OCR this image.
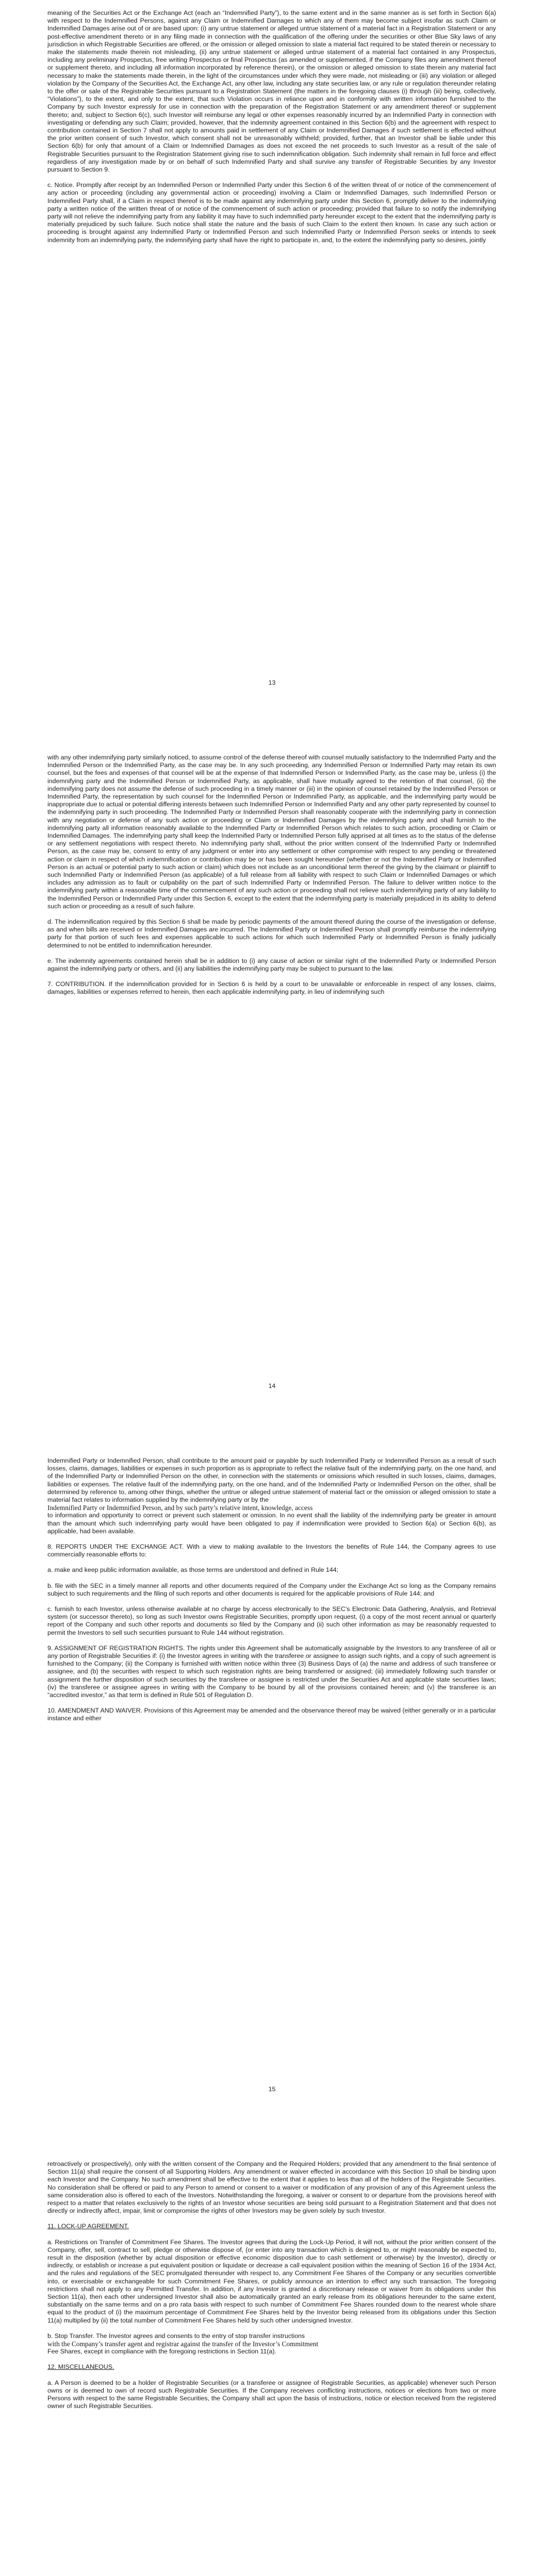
meaning of the Securities Act or the Exchange Act (each an “Indemnified Party”), to the same extent and in the same manner as is set forth in Section 6(a) with respect to the Indemnified Persons, against any Claim or Indemnified Damages to which any of them may become subject insofar as such Claim or Indemnified Damages arise out of or are based upon: (i) any untrue statement or alleged untrue statement of a material fact in a Registration Statement or any post-effective amendment thereto or in any filing made in connection with the qualification of the offering under the securities or other Blue Sky laws of any jurisdiction in which Registrable Securities are offered, or the omission or alleged omission to state a material fact required to be stated therein or necessary to make the statements made therein not misleading, (ii) any untrue statement or alleged untrue statement of a material fact contained in any Prospectus, including any preliminary Prospectus, free writing Prospectus or final Prospectus (as amended or supplemented, if the Company files any amendment thereof or supplement thereto, and including all information incorporated by reference therein), or the omission or alleged omission to state therein any material fact necessary to make the statements made therein, in the light of the circumstances under which they were made, not misleading or (iii) any violation or alleged violation by the Company of the Securities Act, the Exchange Act, any other law, including any state securities law, or any rule or regulation thereunder relating to the offer or sale of the Registrable Securities pursuant to a Registration Statement (the matters in the foregoing clauses (i) through (iii) being, collectively, “Violations”), to the extent, and only to the extent, that such Violation occurs in reliance upon and in conformity with written information furnished to the Company by such Investor expressly for use in connection with the preparation of the Registration Statement or any amendment thereof or supplement thereto; and, subject to Section 6(c), such Investor will reimburse any legal or other expenses reasonably incurred by an Indemnified Party in connection with investigating or defending any such Claim; provided, however, that the indemnity agreement contained in this Section 6(b) and the agreement with respect to contribution contained in Section 7 shall not apply to amounts paid in settlement of any Claim or Indemnified Damages if such settlement is effected without the prior written consent of such Investor, which consent shall not be unreasonably withheld; provided, further, that an Investor shall be liable under this Section 6(b) for only that amount of a Claim or Indemnified Damages as does not exceed the net proceeds to such Investor as a result of the sale of Registrable Securities pursuant to the Registration Statement giving rise to such indemnification obligation. Such indemnity shall remain in full force and effect regardless of any investigation made by or on behalf of such Indemnified Party and shall survive any transfer of Registrable Securities by any Investor pursuant to Section 9.

c. Notice. Promptly after receipt by an Indemnified Person or Indemnified Party under this Section 6 of the written threat of or notice of the commencement of any action or proceeding (including any governmental action or proceeding) involving a Claim or Indemnified Damages, such Indemnified Person or Indemnified Party shall, if a Claim in respect thereof is to be made against any indemnifying party under this Section 6, promptly deliver to the indemnifying party a written notice of the written threat of or notice of the commencement of such action or proceeding; provided that failure to so notify the indemnifying party will not relieve the indemnifying party from any liability it may have to such indemnified party hereunder except to the extent that the indemnifying party is materially prejudiced by such failure. Such notice shall state the nature and the basis of such Claim to the extent then known. In case any such action or proceeding is brought against any Indemnified Party or Indemnified Person and such Indemnified Party or Indemnified Person seeks or intends to seek indemnity from an indemnifying party, the indemnifying party shall have the right to participate in, and, to the extent the indemnifying party so desires, jointly

13

with any other indemnifying party similarly noticed, to assume control of the defense thereof with counsel mutually satisfactory to the Indemnified Party and the Indemnified Person or the Indemnified Party, as the case may be. In any such proceeding, any Indemnified Person or Indemnified Party may retain its own counsel, but the fees and expenses of that counsel will be at the expense of that Indemnified Person or Indemnified Party, as the case may be, unless (i) the indemnifying party and the Indemnified Person or Indemnified Party, as applicable, shall have mutually agreed to the retention of that counsel, (ii) the indemnifying party does not assume the defense of such proceeding in a timely manner or (iii) in the opinion of counsel retained by the Indemnified Person or Indemnified Party, the representation by such counsel for the Indemnified Person or Indemnified Party, as applicable, and the indemnifying party would be inappropriate due to actual or potential differing interests between such Indemnified Person or Indemnified Party and any other party represented by counsel to the indemnifying party in such proceeding. The Indemnified Party or Indemnified Person shall reasonably cooperate with the indemnifying party in connection with any negotiation or defense of any such action or proceeding or Claim or Indemnified Damages by the indemnifying party and shall furnish to the indemnifying party all information reasonably available to the Indemnified Party or Indemnified Person which relates to such action, proceeding or Claim or Indemnified Damages. The indemnifying party shall keep the Indemnified Party or Indemnified Person fully apprised at all times as to the status of the defense or any settlement negotiations with respect thereto. No indemnifying party shall, without the prior written consent of the Indemnified Party or Indemnified Person, as the case may be, consent to entry of any judgment or enter into any settlement or other compromise with respect to any pending or threatened action or claim in respect of which indemnification or contribution may be or has been sought hereunder (whether or not the Indemnified Party or Indemnified Person is an actual or potential party to such action or claim) which does not include as an unconditional term thereof the giving by the claimant or plaintiff to such Indemnified Party or Indemnified Person (as applicable) of a full release from all liability with respect to such Claim or Indemnified Damages or which includes any admission as to fault or culpability on the part of such Indemnified Party or Indemnified Person. The failure to deliver written notice to the indemnifying party within a reasonable time of the commencement of any such action or proceeding shall not relieve such indemnifying party of any liability to the Indemnified Person or Indemnified Party under this Section 6, except to the extent that the indemnifying party is materially prejudiced in its ability to defend such action or proceeding as a result of such failure.

d. The indemnification required by this Section 6 shall be made by periodic payments of the amount thereof during the course of the investigation or defense, as and when bills are received or Indemnified Damages are incurred. The Indemnified Party or Indemnified Person shall promptly reimburse the indemnifying party for that portion of such fees and expenses applicable to such actions for which such Indemnified Party or Indemnified Person is finally judicially determined to not be entitled to indemnification hereunder.

e. The indemnity agreements contained herein shall be in addition to (i) any cause of action or similar right of the Indemnified Party or Indemnified Person against the indemnifying party or others, and (ii) any liabilities the indemnifying party may be subject to pursuant to the law.

7. CONTRIBUTION. If the indemnification provided for in Section 6 is held by a court to be unavailable or enforceable in respect of any losses, claims, damages, liabilities or expenses referred to herein, then each applicable indemnifying party, in lieu of indemnifying such

14

Indemnified Party or Indemnified Person, shall contribute to the amount paid or payable by such Indemnified Party or Indemnified Person as a result of such losses, claims, damages, liabilities or expenses in such proportion as is appropriate to reflect the relative fault of the indemnifying party, on the one hand, and of the Indemnified Party or Indemnified Person on the other, in connection with the statements or omissions which resulted in such losses, claims, damages, liabilities or expenses. The relative fault of the indemnifying party, on the one hand, and of the Indemnified Party or Indemnified Person on the other, shall be determined by reference to, among other things, whether the untrue or alleged untrue statement of material fact or the omission or alleged omission to state a material fact relates to information supplied by the indemnifying party or by the

Indemnified Party or Indemnified Person, and by such party’s relative intent, knowledge, access

to information and opportunity to correct or prevent such statement or omission. In no event shall the liability of the indemnifying party be greater in amount than the amount which such indemnifying party would have been obligated to pay if indemnification were provided to Section 6(a) or Section 6(b), as applicable, had been available.

8. REPORTS UNDER THE EXCHANGE ACT. With a view to making available to the Investors the benefits of Rule 144, the Company agrees to use commercially reasonable efforts to:

a. make and keep public information available, as those terms are understood and defined in Rule 144;

b. file with the SEC in a timely manner all reports and other documents required of the Company under the Exchange Act so long as the Company remains subject to such requirements and the filing of such reports and other documents is required for the applicable provisions of Rule 144; and

c. furnish to each Investor, unless otherwise available at no charge by access electronically to the SEC’s Electronic Data Gathering, Analysis, and Retrieval system (or successor thereto), so long as such Investor owns Registrable Securities, promptly upon request, (i) a copy of the most recent annual or quarterly report of the Company and such other reports and documents so filed by the Company and (ii) such other information as may be reasonably requested to permit the Investors to sell such securities pursuant to Rule 144 without registration.

9. ASSIGNMENT OF REGISTRATION RIGHTS. The rights under this Agreement shall be automatically assignable by the Investors to any transferee of all or any portion of Registrable Securities if: (i) the Investor agrees in writing with the transferee or assignee to assign such rights, and a copy of such agreement is furnished to the Company; (ii) the Company is furnished with written notice within three (3) Business Days of (a) the name and address of such transferee or assignee, and (b) the securities with respect to which such registration rights are being transferred or assigned; (iii) immediately following such transfer or assignment the further disposition of such securities by the transferee or assignee is restricted under the Securities Act and applicable state securities laws; (iv) the transferee or assignee agrees in writing with the Company to be bound by all of the provisions contained herein; and (v) the transferee is an “accredited investor,” as that term is defined in Rule 501 of Regulation D.

10. AMENDMENT AND WAIVER. Provisions of this Agreement may be amended and the observance thereof may be waived (either generally or in a particular instance and either

15

retroactively or prospectively), only with the written consent of the Company and the Required Holders; provided that any amendment to the final sentence of Section 11(a) shall require the consent of all Supporting Holders. Any amendment or waiver effected in accordance with this Section 10 shall be binding upon each Investor and the Company. No such amendment shall be effective to the extent that it applies to less than all of the holders of the Registrable Securities. No consideration shall be offered or paid to any Person to amend or consent to a waiver or modification of any provision of any of this Agreement unless the same consideration also is offered to each of the Investors. Notwithstanding the foregoing, a waiver or consent to or departure from the provisions hereof with respect to a matter that relates exclusively to the rights of an Investor whose securities are being sold pursuant to a Registration Statement and that does not directly or indirectly affect, impair, limit or compromise the rights of other Investors may be given solely by such Investor.

11. LOCK-UP AGREEMENT.

a. Restrictions on Transfer of Commitment Fee Shares. The Investor agrees that during the Lock-Up Period, it will not, without the prior written consent of the Company, offer, sell, contract to sell, pledge or otherwise dispose of, (or enter into any transaction which is designed to, or might reasonably be expected to, result in the disposition (whether by actual disposition or effective economic disposition due to cash settlement or otherwise) by the Investor), directly or indirectly, or establish or increase a put equivalent position or liquidate or decrease a call equivalent position within the meaning of Section 16 of the 1934 Act, and the rules and regulations of the SEC promulgated thereunder with respect to, any Commitment Fee Shares of the Company or any securities convertible into, or exercisable or exchangeable for such Commitment Fee Shares, or publicly announce an intention to effect any such transaction. The foregoing restrictions shall not apply to any Permitted Transfer. In addition, if any Investor is granted a discretionary release or waiver from its obligations under this Section 11(a), then each other undersigned Investor shall also be automatically granted an early release from its obligations hereunder to the same extent, substantially on the same terms and on a pro rata basis with respect to such number of Commitment Fee Shares rounded down to the nearest whole share equal to the product of (i) the maximum percentage of Commitment Fee Shares held by the Investor being released from its obligations under this Section 11(a) multiplied by (ii) the total number of Commitment Fee Shares held by such other undersigned Investor.

b. Stop Transfer. The Investor agrees and consents to the entry of stop transfer instructions

with the Company’s transfer agent and registrar against the transfer of the Investor’s Commitment

Fee Shares, except in compliance with the foregoing restrictions in Section 11(a).

12. MISCELLANEOUS.

a. A Person is deemed to be a holder of Registrable Securities (or a transferee or assignee of Registrable Securities, as applicable) whenever such Person owns or is deemed to own of record such Registrable Securities. If the Company receives conflicting instructions, notices or elections from two or more Persons with respect to the same Registrable Securities, the Company shall act upon the basis of instructions, notice or election received from the registered owner of such Registrable Securities.
